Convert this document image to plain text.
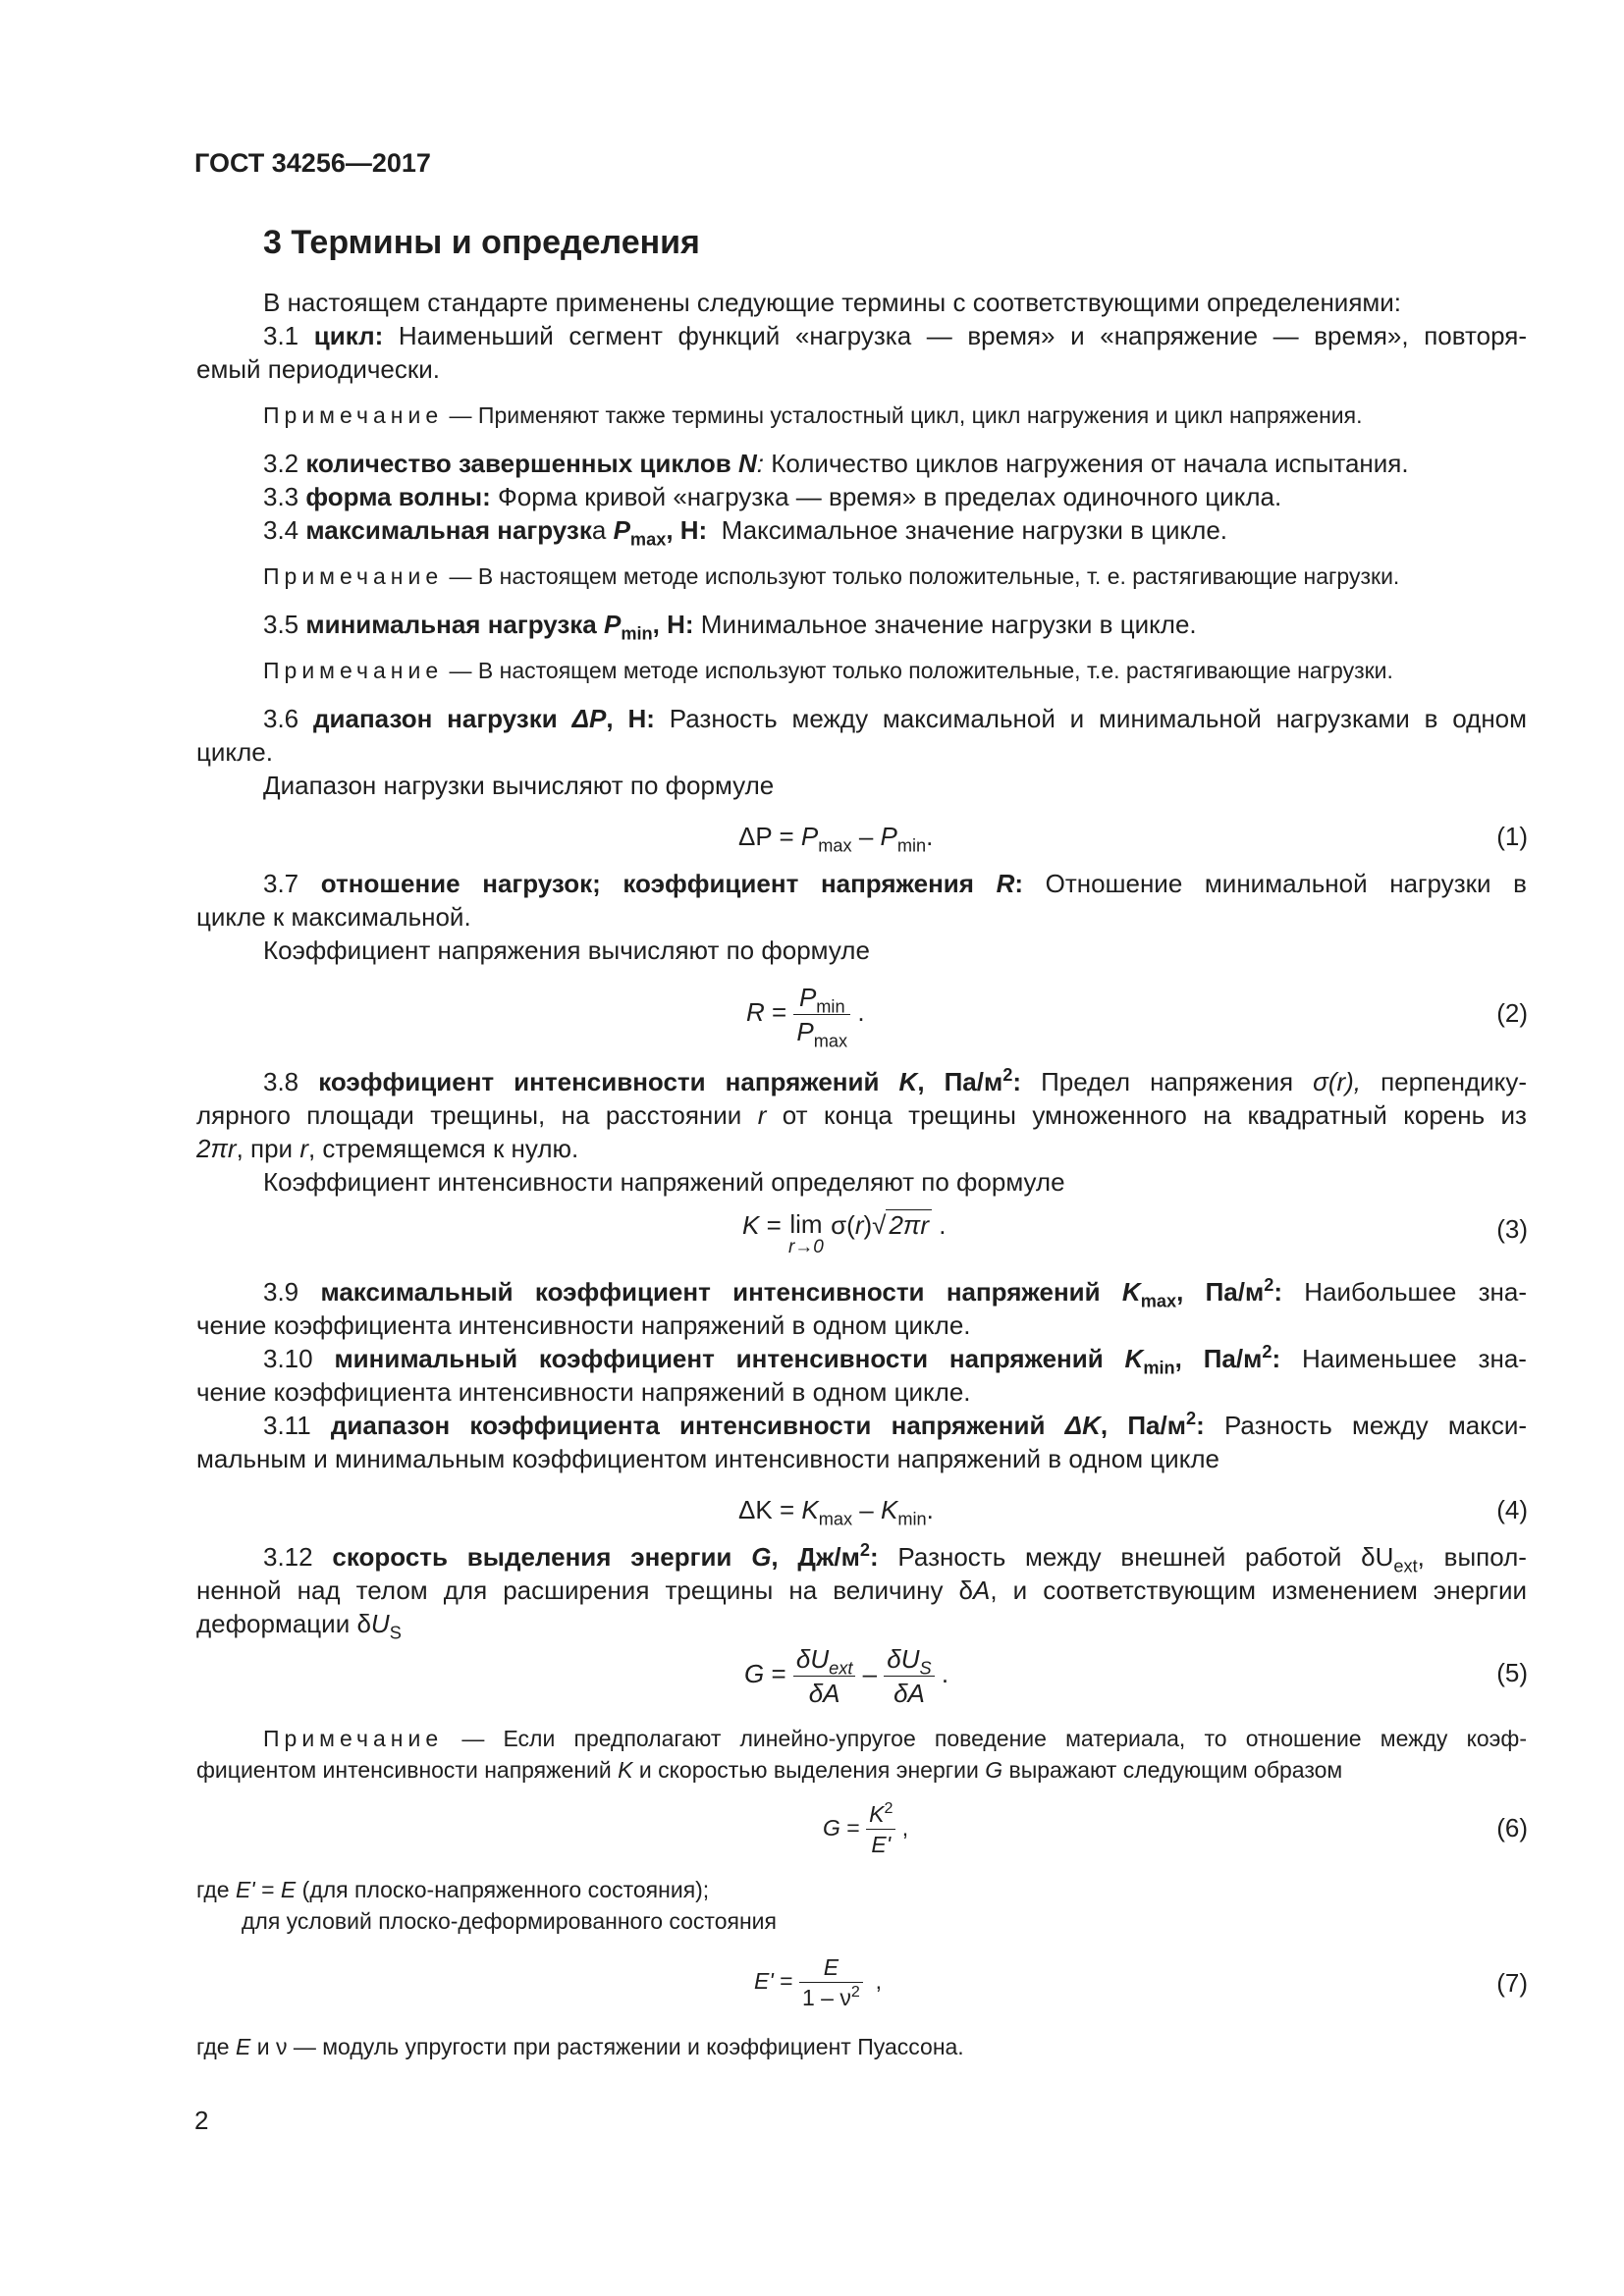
ГОСТ 34256—2017
3 Термины и определения
В настоящем стандарте применены следующие термины с соответствующими определениями:
3.1 цикл: Наименьший сегмент функций «нагрузка — время» и «напряжение — время», повторя-
емый периодически.
Примечание — Применяют также термины усталостный цикл, цикл нагружения и цикл напряжения.
3.2 количество завершенных циклов N: Количество циклов нагружения от начала испытания.
3.3 форма волны: Форма кривой «нагрузка — время» в пределах одиночного цикла.
3.4 максимальная нагрузка $P_{max}$, Н: Максимальное значение нагрузки в цикле.
Примечание — В настоящем методе используют только положительные, т. е. растягивающие нагрузки.
3.5 минимальная нагрузка $P_{min}$, Н: Минимальное значение нагрузки в цикле.
Примечание — В настоящем методе используют только положительные, т.е. растягивающие нагрузки.
3.6 диапазон нагрузки ΔP, Н: Разность между максимальной и минимальной нагрузками в одном
цикле.
Диапазон нагрузки вычисляют по формуле
$\Delta P = P_{max} - P_{min}$.	(1)
3.7 отношение нагрузок; коэффициент напряжения R: Отношение минимальной нагрузки в
цикле к максимальной.
Коэффициент напряжения вычисляют по формуле
$R = \frac{P_{min}}{P_{max}}$ .	(2)
3.8 коэффициент интенсивности напряжений K, $Па/м^2$: Предел напряжения σ(r), перпендику-
лярного площади трещины, на расстоянии r от конца трещины умноженного на квадратный корень из
2πr, при r, стремящемся к нулю.
Коэффициент интенсивности напряжений определяют по формуле
K = lim
r→0
σ(r)√ 2πr .	(3)
3.9 максимальный коэффициент интенсивности напряжений $K_{max}$, $Па/м^2$: Наибольшее зна-
чение коэффициента интенсивности напряжений в одном цикле.
3.10 минимальный коэффициент интенсивности напряжений $K_{min}$, $Па/м^2$: Наименьшее зна-
чение коэффициента интенсивности напряжений в одном цикле.
3.11 диапазон коэффициента интенсивности напряжений ΔK, $Па/м^2$: Разность между макси-
мальным и минимальным коэффициентом интенсивности напряжений в одном цикле
$\Delta K = K_{max} - K_{min}$.	(4)
3.12 скорость выделения энергии G, $Дж/м^2$: Разность между внешней работой $\delta U_{ext}$, выпол-
ненной над телом для расширения трещины на величину δA, и соответствующим изменением энергии
деформации $\delta U_S$
$G = \frac{\delta U_{ext}}{\delta A} - \frac{\delta U_S}{\delta A}$ .	(5)
Примечание — Если предполагают линейно-упругое поведение материала, то отношение между коэф-
фициентом интенсивности напряжений K и скоростью выделения энергии G выражают следующим образом
$G = \frac{K^2}{E'}$ ,	(6)
где E' = E (для плоско-напряженного состояния);
для условий плоско-деформированного состояния
$E' = \frac{E}{1 - \nu^2}$ ,	(7)
где E и ν — модуль упругости при растяжении и коэффициент Пуассона.
2
